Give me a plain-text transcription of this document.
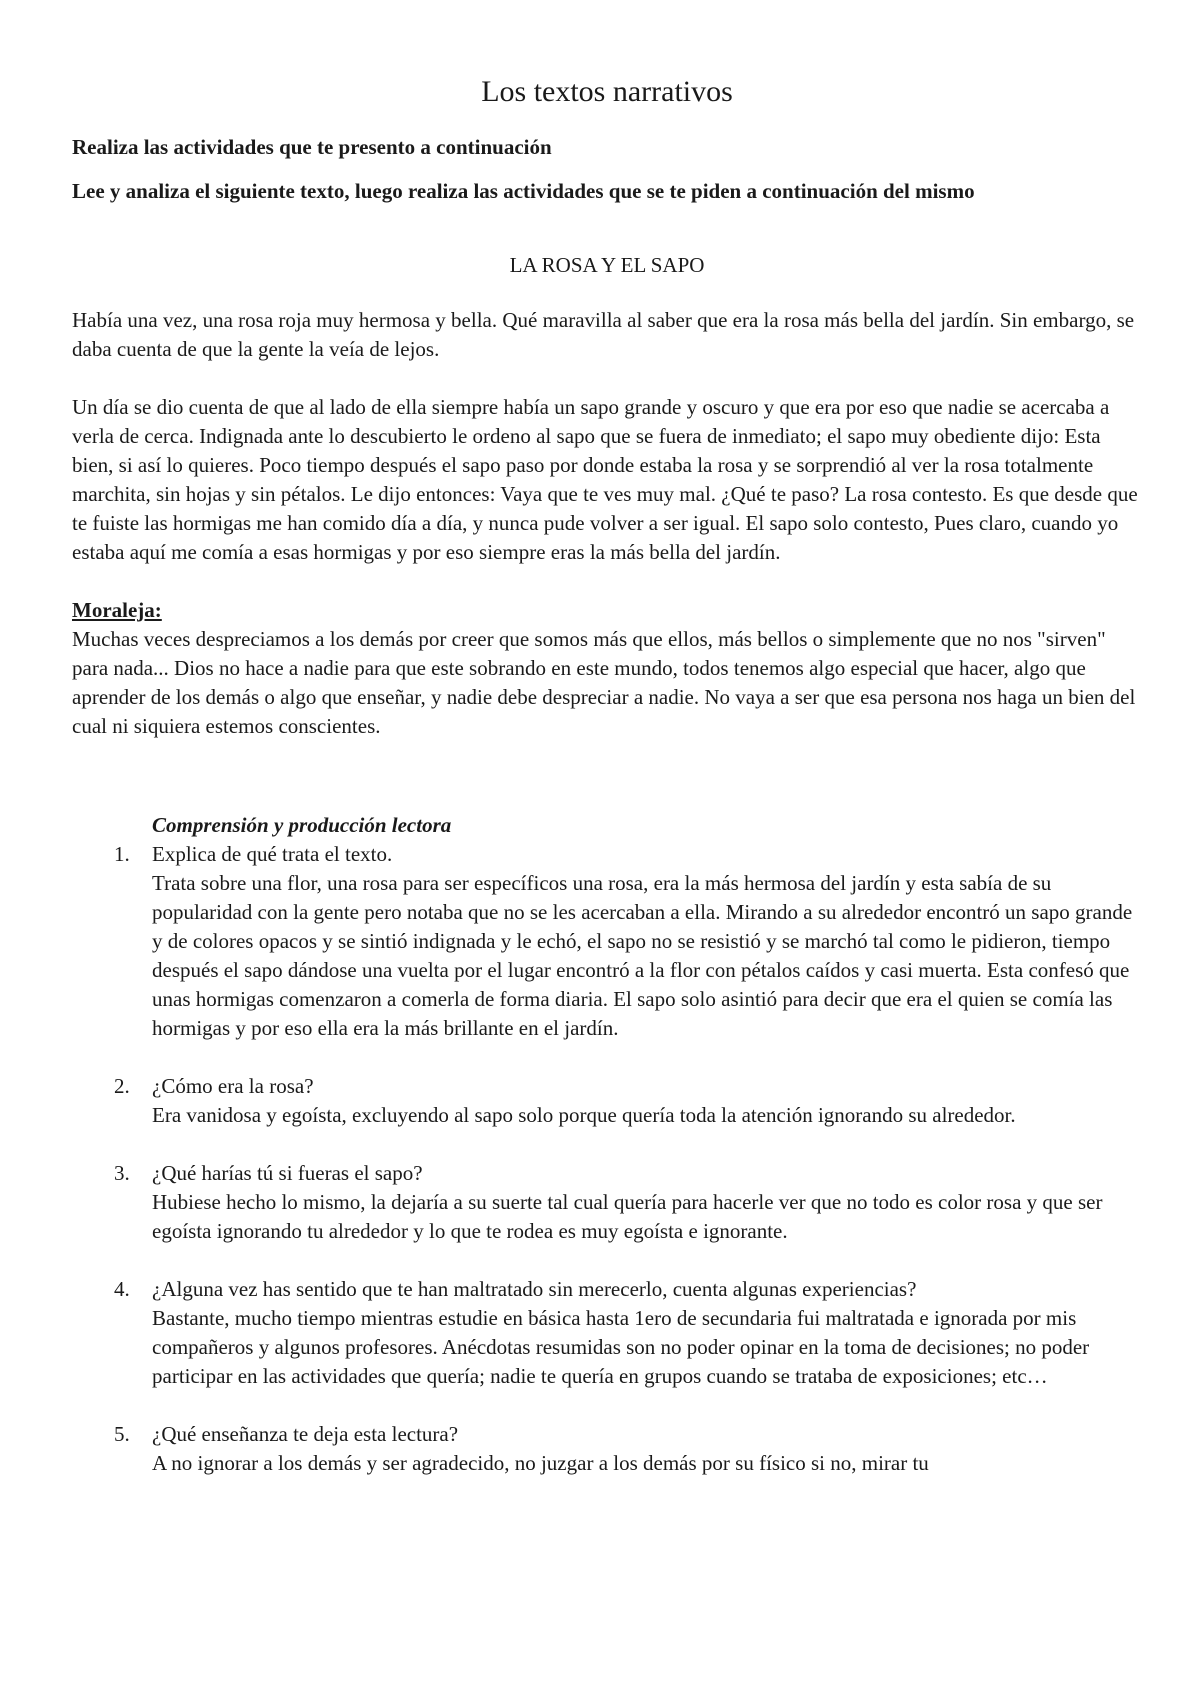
Los textos narrativos

Realiza las actividades que te presento a continuación

Lee y analiza el siguiente texto, luego realiza las actividades que se te piden a continuación del mismo

LA ROSA Y EL SAPO

Había una vez, una rosa roja muy hermosa y bella. Qué maravilla al saber que era la rosa más bella del jardín. Sin embargo, se daba cuenta de que la gente la veía de lejos.

Un día se dio cuenta de que al lado de ella siempre había un sapo grande y oscuro y que era por eso que nadie se acercaba a verla de cerca. Indignada ante lo descubierto le ordeno al sapo que se fuera de inmediato; el sapo muy obediente dijo: Esta bien, si así lo quieres. Poco tiempo después el sapo paso por donde estaba la rosa y se sorprendió al ver la rosa totalmente marchita, sin hojas y sin pétalos. Le dijo entonces: Vaya que te ves muy mal. ¿Qué te paso? La rosa contesto. Es que desde que te fuiste las hormigas me han comido día a día, y nunca pude volver a ser igual. El sapo solo contesto, Pues claro, cuando yo estaba aquí me comía a esas hormigas y por eso siempre eras la más bella del jardín.

Moraleja:

Muchas veces despreciamos a los demás por creer que somos más que ellos, más bellos o simplemente que no nos "sirven" para nada... Dios no hace a nadie para que este sobrando en este mundo, todos tenemos algo especial que hacer, algo que aprender de los demás o algo que enseñar, y nadie debe despreciar a nadie. No vaya a ser que esa persona nos haga un bien del cual ni siquiera estemos conscientes.

Comprensión y producción lectora
1. Explica de qué trata el texto.
Trata sobre una flor, una rosa para ser específicos una rosa, era la más hermosa del jardín y esta sabía de su popularidad con la gente pero notaba que no se les acercaban a ella. Mirando a su alrededor encontró un sapo grande y de colores opacos y se sintió indignada y le echó, el sapo no se resistió y se marchó tal como le pidieron, tiempo después el sapo dándose una vuelta por el lugar encontró a la flor con pétalos caídos y casi muerta. Esta confesó que unas hormigas comenzaron a comerla de forma diaria. El sapo solo asintió para decir que era el quien se comía las hormigas y por eso ella era la más brillante en el jardín.
2. ¿Cómo era la rosa?
Era vanidosa y egoísta, excluyendo al sapo solo porque quería toda la atención ignorando su alrededor.
3. ¿Qué harías tú si fueras el sapo?
Hubiese hecho lo mismo, la dejaría a su suerte tal cual quería para hacerle ver que no todo es color rosa y que ser egoísta ignorando tu alrededor y lo que te rodea es muy egoísta e ignorante.
4. ¿Alguna vez has sentido que te han maltratado sin merecerlo, cuenta algunas experiencias?
Bastante, mucho tiempo mientras estudie en básica hasta 1ero de secundaria fui maltratada e ignorada por mis compañeros y algunos profesores. Anécdotas resumidas son no poder opinar en la toma de decisiones; no poder participar en las actividades que quería; nadie te quería en grupos cuando se trataba de exposiciones; etc…
5. ¿Qué enseñanza te deja esta lectura?
A no ignorar a los demás y ser agradecido, no juzgar a los demás por su físico si no, mirar tu
